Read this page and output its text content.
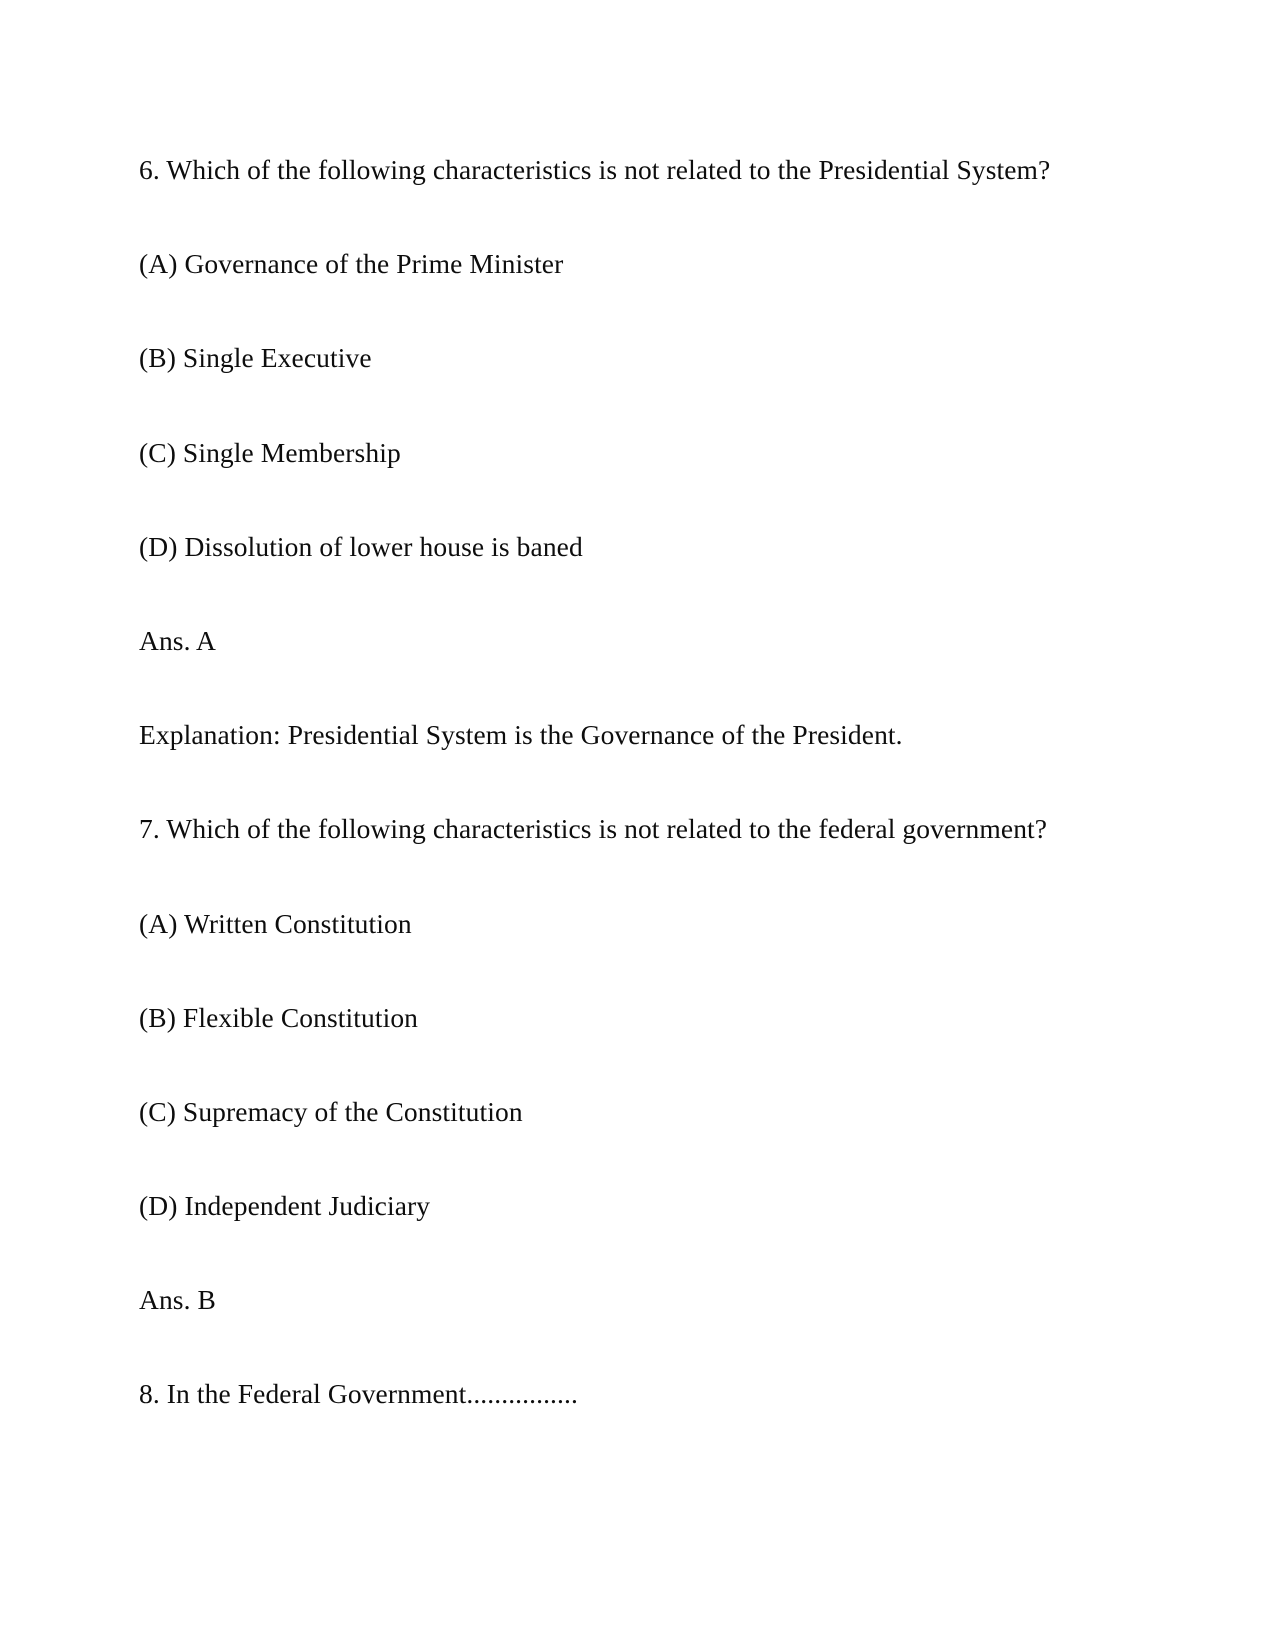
6. Which of the following characteristics is not related to the Presidential System?

(A) Governance of the Prime Minister

(B) Single Executive

(C) Single Membership

(D) Dissolution of lower house is baned

Ans. A

Explanation: Presidential System is the Governance of the President.

7. Which of the following characteristics is not related to the federal government?

(A) Written Constitution

(B) Flexible Constitution

(C) Supremacy of the Constitution

(D) Independent Judiciary

Ans. B

8. In the Federal Government................
